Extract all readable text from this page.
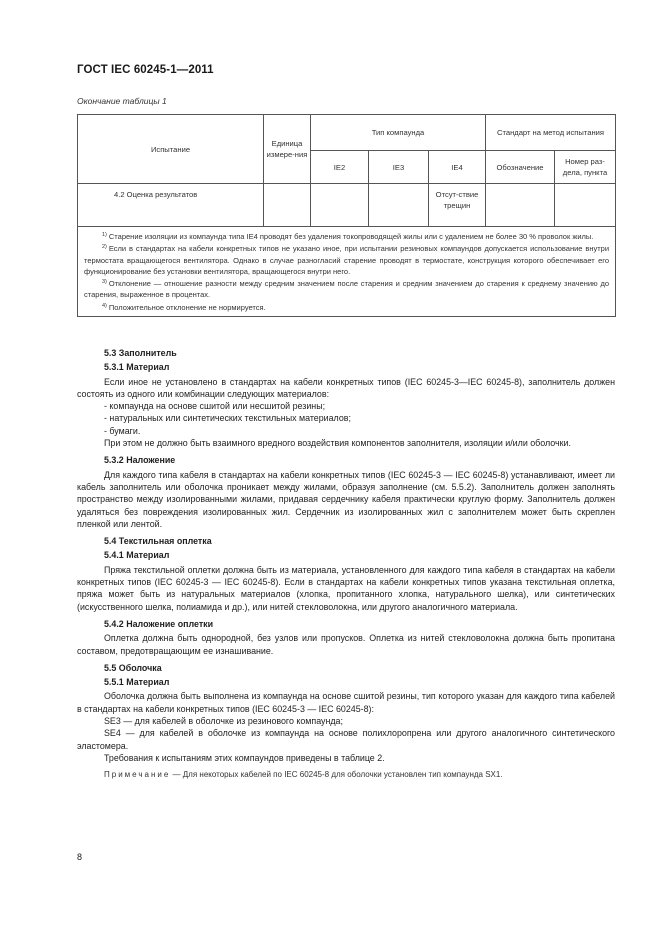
ГОСТ IEC 60245-1—2011
Окончание таблицы 1
Испытание	Единица измере-ния	Тип компаунда			Стандарт на метод испытания	
		IE2	IE3	IE4	Обозначение	Номер раз-дела, пункта
4.2 Оценка результатов				Отсут-ствие трещин		

$^{1)}$ Старение изоляции из компаунда типа IE4 проводят без удаления токопроводящей жилы или с удалением не более 30 % проволок жилы.
$^{2)}$ Если в стандартах на кабели конкретных типов не указано иное, при испытании резиновых компаундов допускается использование внутри термостата вращающегося вентилятора. Однако в случае разногласий старение проводят в термостате, конструкция которого обеспечивает его функционирование без установки вентилятора, вращающегося внутри него.
$^{3)}$ Отклонение — отношение разности между средним значением после старения и средним значением до старения к среднему значению до старения, выраженное в процентах.
$^{4)}$ Положительное отклонение не нормируется.						
5.3 Заполнитель
5.3.1 Материал

Если иное не установлено в стандартах на кабели конкретных типов (IEC 60245-3—IEC 60245-8), заполнитель должен состоять из одного или комбинации следующих материалов:

- компаунда на основе сшитой или несшитой резины;

- натуральных или синтетических текстильных материалов;

- бумаги.

При этом не должно быть взаимного вредного воздействия компонентов заполнителя, изоляции и/или оболочки.

5.3.2 Наложение

Для каждого типа кабеля в стандартах на кабели конкретных типов (IEC 60245-3 — IEC 60245-8) устанавливают, имеет ли кабель заполнитель или оболочка проникает между жилами, образуя заполнение (см. 5.5.2). Заполнитель должен заполнять пространство между изолированными жилами, придавая сердечнику кабеля практически круглую форму. Заполнитель должен удаляться без повреждения изолированных жил. Сердечник из изолированных жил с заполнителем может быть скреплен пленкой или лентой.

5.4 Текстильная оплетка
5.4.1 Материал

Пряжа текстильной оплетки должна быть из материала, установленного для каждого типа кабеля в стандартах на кабели конкретных типов (IEC 60245-3 — IEC 60245-8). Если в стандартах на кабели конкретных типов указана текстильная оплетка, пряжа может быть из натуральных материалов (хлопка, пропитанного хлопка, натурального шелка), или синтетических (искусственного шелка, полиамида и др.), или нитей стекловолокна, или другого аналогичного материала.

5.4.2 Наложение оплетки

Оплетка должна быть однородной, без узлов или пропусков. Оплетка из нитей стекловолокна должна быть пропитана составом, предотвращающим ее изнашивание.

5.5 Оболочка
5.5.1 Материал

Оболочка должна быть выполнена из компаунда на основе сшитой резины, тип которого указан для каждого типа кабелей в стандартах на кабели конкретных типов (IEC 60245-3 — IEC 60245-8):

SE3 — для кабелей в оболочке из резинового компаунда;

SE4 — для кабелей в оболочке из компаунда на основе полихлоропрена или другого аналогичного синтетического эластомера.

Требования к испытаниям этих компаундов приведены в таблице 2.

Примечание — Для некоторых кабелей по IEC 60245-8 для оболочки установлен тип компаунда SX1.

8
